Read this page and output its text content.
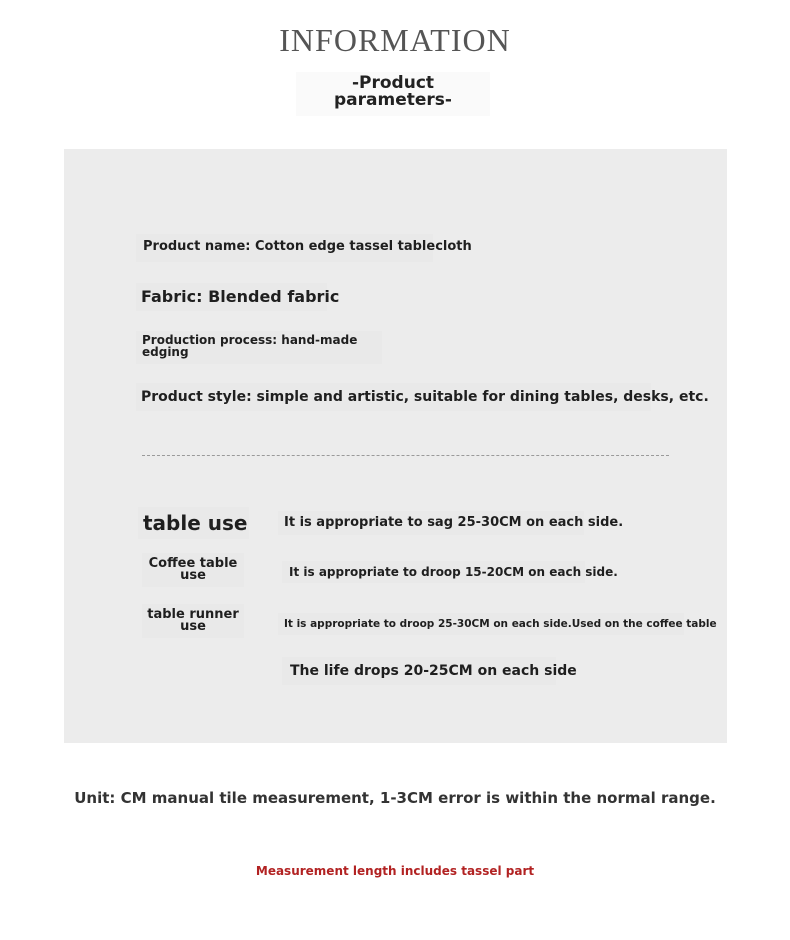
INFORMATION
-Product
parameters-
Product name: Cotton edge tassel tablecloth
Fabric: Blended fabric
Production process: hand-made
edging
Product style: simple and artistic, suitable for dining tables, desks, etc.
table use	It is appropriate to sag 25-30CM on each side.
Coffee table
use	It is appropriate to droop 15-20CM on each side.
table runner
use	It is appropriate to droop 25-30CM on each side.Used on the coffee table
The life drops 20-25CM on each side
Unit: CM manual tile measurement, 1-3CM error is within the normal range.
Measurement length includes tassel part
